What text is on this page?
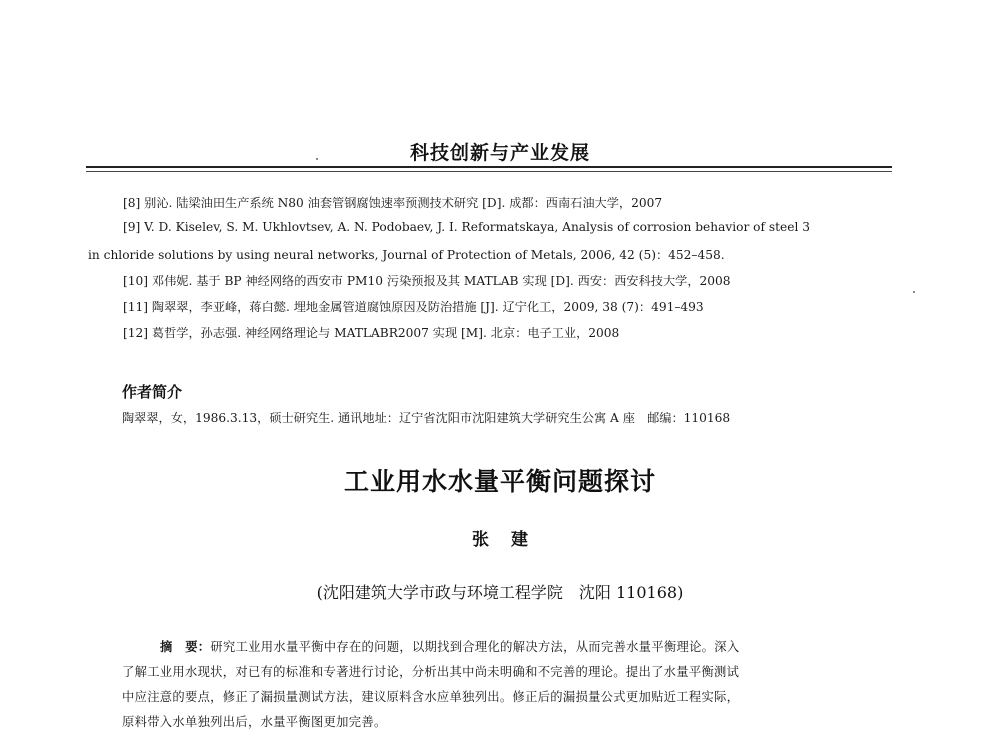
科技创新与产业发展
[8] 别沁. 陆梁油田生产系统 N80 油套管钢腐蚀速率预测技术研究 [D]. 成都：西南石油大学，2007
[9] V. D. Kiselev, S. M. Ukhlovtsev, A. N. Podobaev, J. I. Reformatskaya, Analysis of corrosion behavior of steel 3
in chloride solutions by using neural networks, Journal of Protection of Metals, 2006, 42 (5)：452–458.
[10] 邓伟妮. 基于 BP 神经网络的西安市 PM10 污染预报及其 MATLAB 实现 [D]. 西安：西安科技大学，2008
[11] 陶翠翠，李亚峰，蒋白懿. 埋地金属管道腐蚀原因及防治措施 [J]. 辽宁化工，2009, 38 (7)：491–493
[12] 葛哲学，孙志强. 神经网络理论与 MATLABR2007 实现 [M]. 北京：电子工业，2008
作者简介
陶翠翠，女，1986.3.13，硕士研究生. 通讯地址：辽宁省沈阳市沈阳建筑大学研究生公寓 A 座　邮编：110168
工业用水水量平衡问题探讨
张建
(沈阳建筑大学市政与环境工程学院　沈阳 110168)
摘　要：研究工业用水量平衡中存在的问题，以期找到合理化的解决方法，从而完善水量平衡理论。深入
了解工业用水现状，对已有的标准和专著进行讨论，分析出其中尚未明确和不完善的理论。提出了水量平衡测试
中应注意的要点，修正了漏损量测试方法，建议原料含水应单独列出。修正后的漏损量公式更加贴近工程实际，
原料带入水单独列出后，水量平衡图更加完善。
